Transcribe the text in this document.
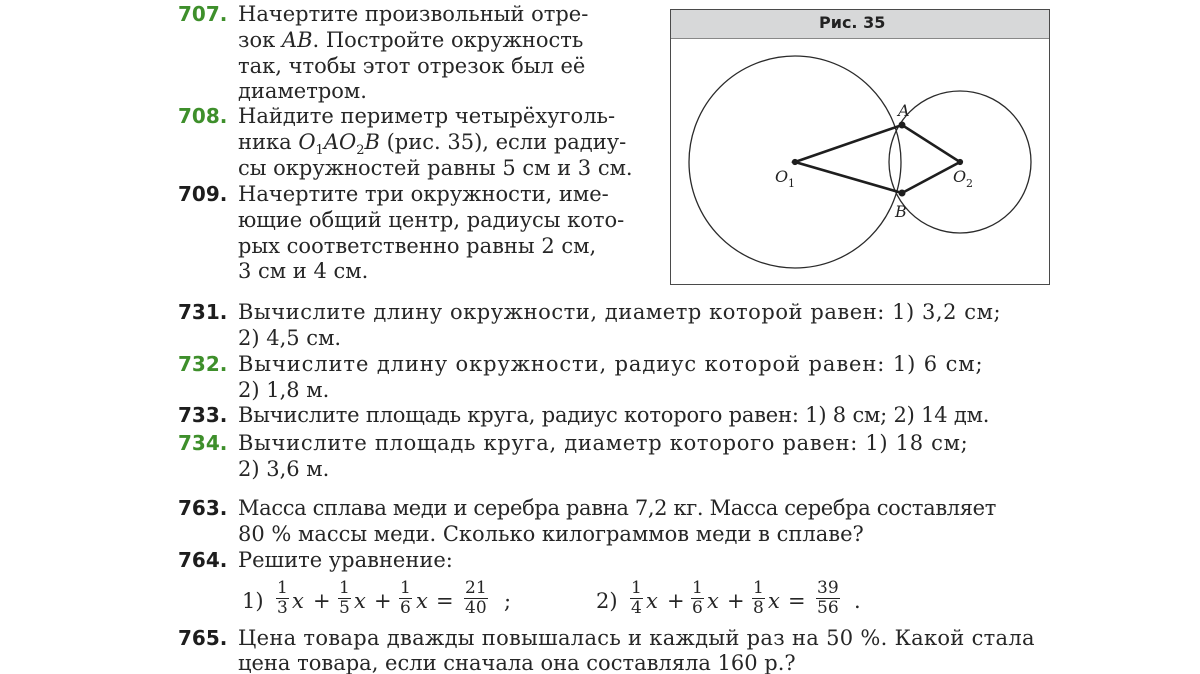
707. Начертите произвольный отре-
зок AB. Постройте окружность
так, чтобы этот отрезок был её
диаметром.
708. Найдите периметр четырёхуголь-
ника $O_1AO_2B$ (рис. 35), если радиу-
сы окружностей равны 5 см и 3 см.
709. Начертите три окружности, име-
ющие общий центр, радиусы кото-
рых соответственно равны 2 см,
3 см и 4 см.
Рис. 35
A
B
O 1	O 2
731. Вычислите длину окружности, диаметр которой равен: 1) 3,2 см;
2) 4,5 см.
732. Вычислите длину окружности, радиус которой равен: 1) 6 см;
2) 1,8 м.
733. Вычислите площадь круга, радиус которого равен: 1) 8 см; 2) 14 дм.
734. Вычислите площадь круга, диаметр которого равен: 1) 18 см;
2) 3,6 м.
763. Масса сплава меди и серебра равна 7,2 кг. Масса серебра составляет
80 % массы меди. Сколько килограммов меди в сплаве?
764. Решите уравнение:
$1) \frac{1}{3}$ $x + \frac{1}{5}$ $x + \frac{1}{6}$ $x = \frac{21}{40}$ ;	$2) \frac{1}{4}$ $x + \frac{1}{6}$ $x + \frac{1}{8}$ $x = \frac{39}{56}$ .
765. Цена товара дважды повышалась и каждый раз на 50 %. Какой стала
цена товара, если сначала она составляла 160 р.?
